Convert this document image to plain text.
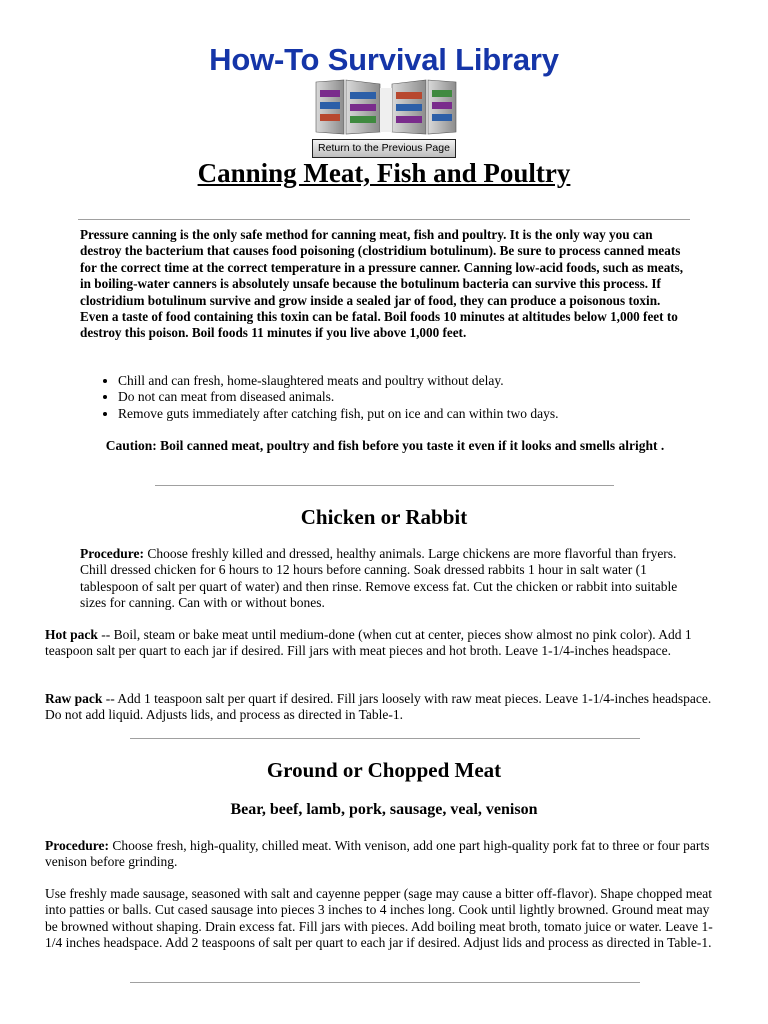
How-To Survival Library
Return to the Previous Page
Canning Meat, Fish and Poultry

Pressure canning is the only safe method for canning meat, fish and poultry. It is the only way you can destroy the bacterium that causes food poisoning (clostridium botulinum). Be sure to process canned meats for the correct time at the correct temperature in a pressure canner. Canning low-acid foods, such as meats, in boiling-water canners is absolutely unsafe because the botulinum bacteria can survive this process. If clostridium botulinum survive and grow inside a sealed jar of food, they can produce a poisonous toxin. Even a taste of food containing this toxin can be fatal. Boil foods 10 minutes at altitudes below 1,000 feet to destroy this poison. Boil foods 11 minutes if you live above 1,000 feet.

• Chill and can fresh, home-slaughtered meats and poultry without delay.
• Do not can meat from diseased animals.
• Remove guts immediately after catching fish, put on ice and can within two days.

Caution: Boil canned meat, poultry and fish before you taste it even if it looks and smells alright .

Chicken or Rabbit

Procedure: Choose freshly killed and dressed, healthy animals. Large chickens are more flavorful than fryers. Chill dressed chicken for 6 hours to 12 hours before canning. Soak dressed rabbits 1 hour in salt water (1 tablespoon of salt per quart of water) and then rinse. Remove excess fat. Cut the chicken or rabbit into suitable sizes for canning. Can with or without bones.

Hot pack -- Boil, steam or bake meat until medium-done (when cut at center, pieces show almost no pink color). Add 1 teaspoon salt per quart to each jar if desired. Fill jars with meat pieces and hot broth. Leave 1-1/4-inches headspace.

Raw pack -- Add 1 teaspoon salt per quart if desired. Fill jars loosely with raw meat pieces. Leave 1-1/4-inches headspace. Do not add liquid. Adjusts lids, and process as directed in Table-1.

Ground or Chopped Meat
Bear, beef, lamb, pork, sausage, veal, venison

Procedure: Choose fresh, high-quality, chilled meat. With venison, add one part high-quality pork fat to three or four parts venison before grinding.

Use freshly made sausage, seasoned with salt and cayenne pepper (sage may cause a bitter off-flavor). Shape chopped meat into patties or balls. Cut cased sausage into pieces 3 inches to 4 inches long. Cook until lightly browned. Ground meat may be browned without shaping. Drain excess fat. Fill jars with pieces. Add boiling meat broth, tomato juice or water. Leave 1-1/4 inches headspace. Add 2 teaspoons of salt per quart to each jar if desired. Adjust lids and process as directed in Table-1.
